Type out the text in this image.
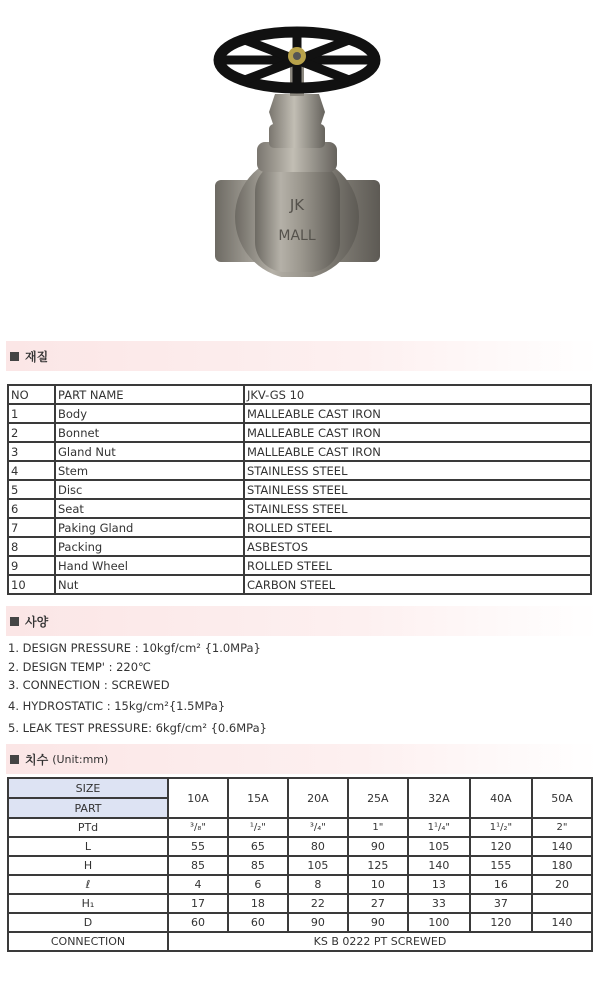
JK
MALL
재질
NO	PART NAME	JKV-GS 10
1	Body	MALLEABLE CAST IRON
2	Bonnet	MALLEABLE CAST IRON
3	Gland Nut	MALLEABLE CAST IRON
4	Stem	STAINLESS STEEL
5	Disc	STAINLESS STEEL
6	Seat	STAINLESS STEEL
7	Paking Gland	ROLLED STEEL
8	Packing	ASBESTOS
9	Hand Wheel	ROLLED STEEL
10	Nut	CARBON STEEL
사양
1. DESIGN PRESSURE : 10kgf/cm² {1.0MPa}
2. DESIGN TEMP' : 220℃
3. CONNECTION : SCREWED
4. HYDROSTATIC : 15kg/cm²{1.5MPa}
5. LEAK TEST PRESSURE: 6kgf/cm² {0.6MPa}
치수 (Unit:mm)
SIZE	10A	15A	20A	25A	32A	40A	50A
PART							
PTd	³/₈"	¹/₂"	³/₄"	1"	1¹/₄"	1¹/₂"	2"
L	55	65	80	90	105	120	140
H	85	85	105	125	140	155	180
ℓ	4	6	8	10	13	16	20
H₁	17	18	22	27	33	37	
D	60	60	90	90	100	120	140
CONNECTION	KS B 0222 PT SCREWED						
